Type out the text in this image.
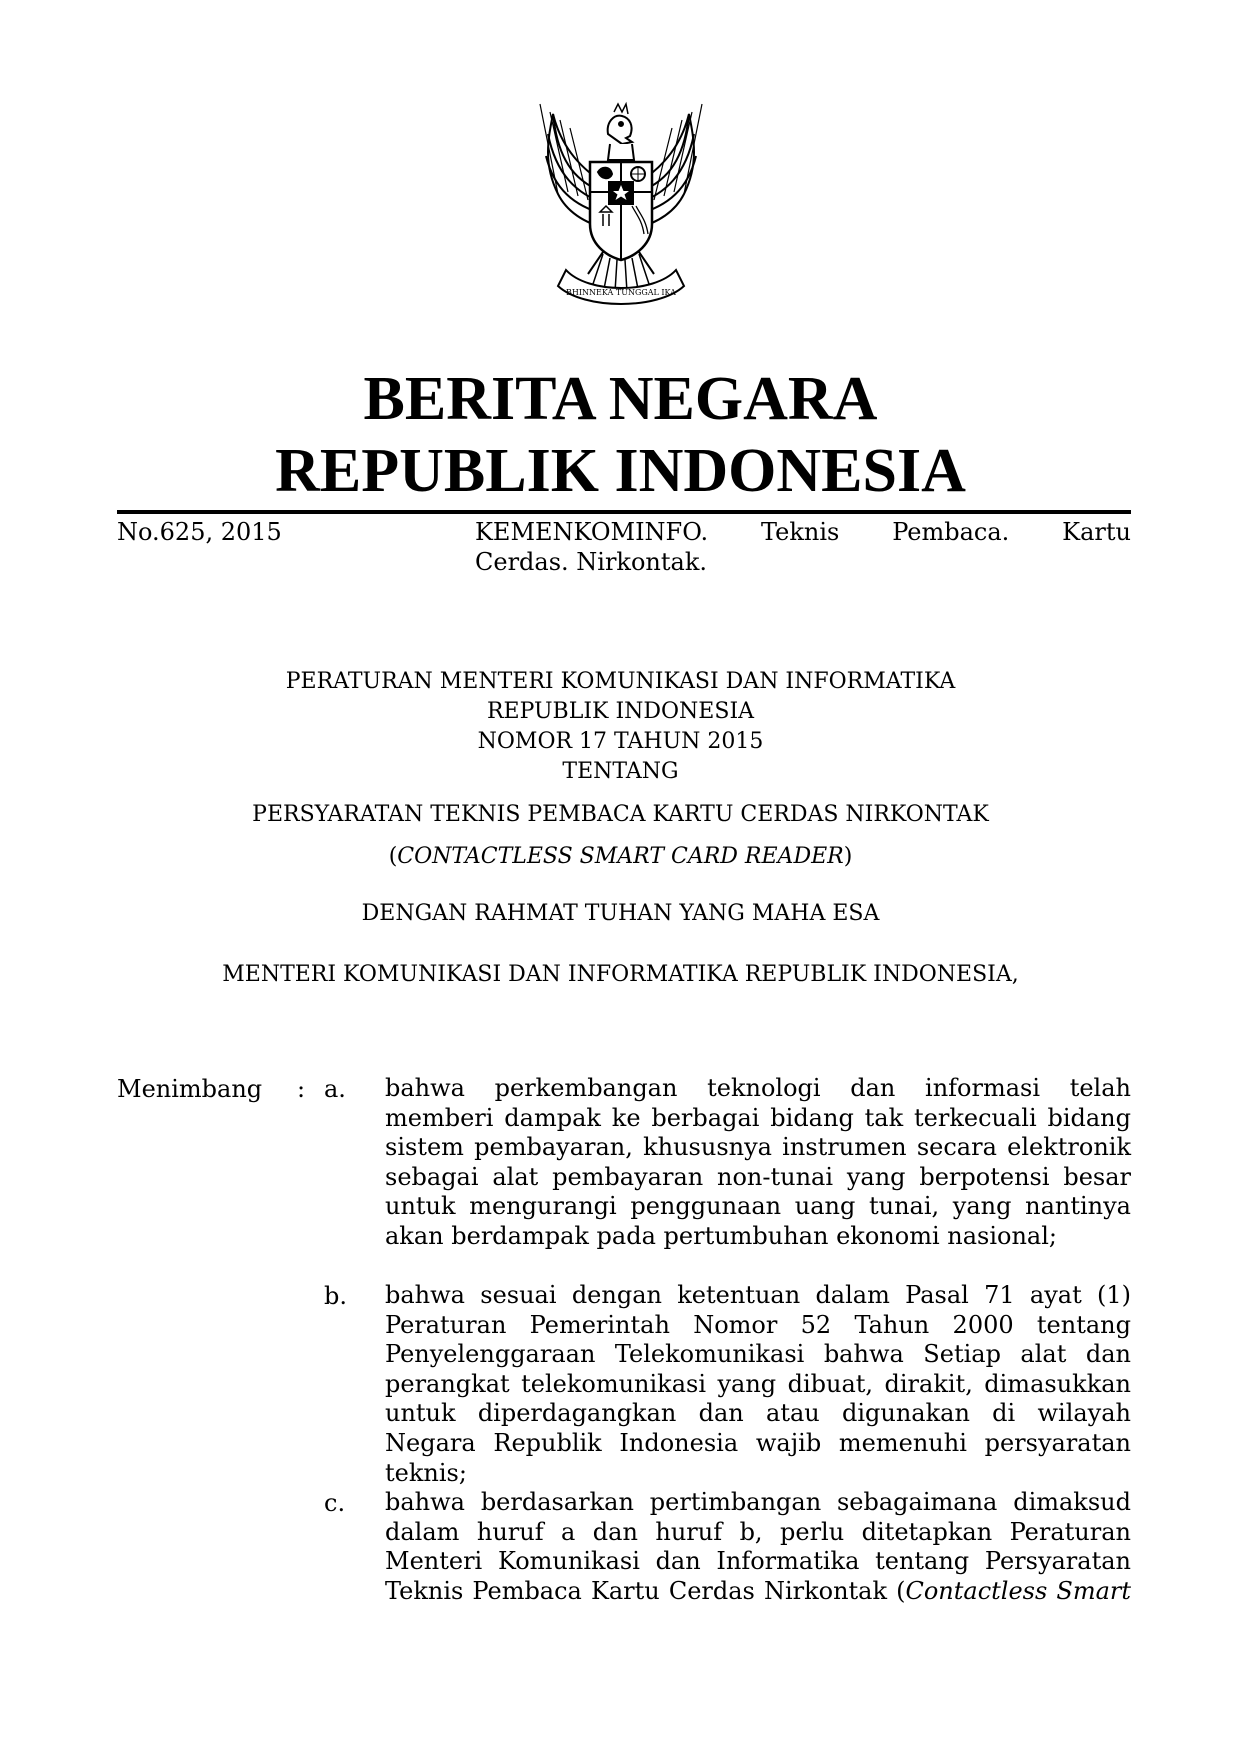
BHINNEKA TUNGGAL IKA
BERITA NEGARA
REPUBLIK INDONESIA
No.625, 2015	KEMENKOMINFO. Teknis Pembaca. Kartu
Cerdas. Nirkontak.
PERATURAN MENTERI KOMUNIKASI DAN INFORMATIKA
REPUBLIK INDONESIA
NOMOR 17 TAHUN 2015
TENTANG
PERSYARATAN TEKNIS PEMBACA KARTU CERDAS NIRKONTAK
(CONTACTLESS SMART CARD READER)
DENGAN RAHMAT TUHAN YANG MAHA ESA
MENTERI KOMUNIKASI DAN INFORMATIKA REPUBLIK INDONESIA,
Menimbang : a. bahwa perkembangan teknologi dan informasi telah memberi dampak ke berbagai bidang tak terkecuali bidang sistem pembayaran, khususnya instrumen secara elektronik sebagai alat pembayaran non-tunai yang berpotensi besar untuk mengurangi penggunaan uang tunai, yang nantinya akan berdampak pada pertumbuhan ekonomi nasional;
b. bahwa sesuai dengan ketentuan dalam Pasal 71 ayat (1) Peraturan Pemerintah Nomor 52 Tahun 2000 tentang Penyelenggaraan Telekomunikasi bahwa Setiap alat dan perangkat telekomunikasi yang dibuat, dirakit, dimasukkan untuk diperdagangkan dan atau digunakan di wilayah Negara Republik Indonesia wajib memenuhi persyaratan teknis;
c. bahwa berdasarkan pertimbangan sebagaimana dimaksud dalam huruf a dan huruf b, perlu ditetapkan Peraturan Menteri Komunikasi dan Informatika tentang Persyaratan Teknis Pembaca Kartu Cerdas Nirkontak (Contactless Smart
